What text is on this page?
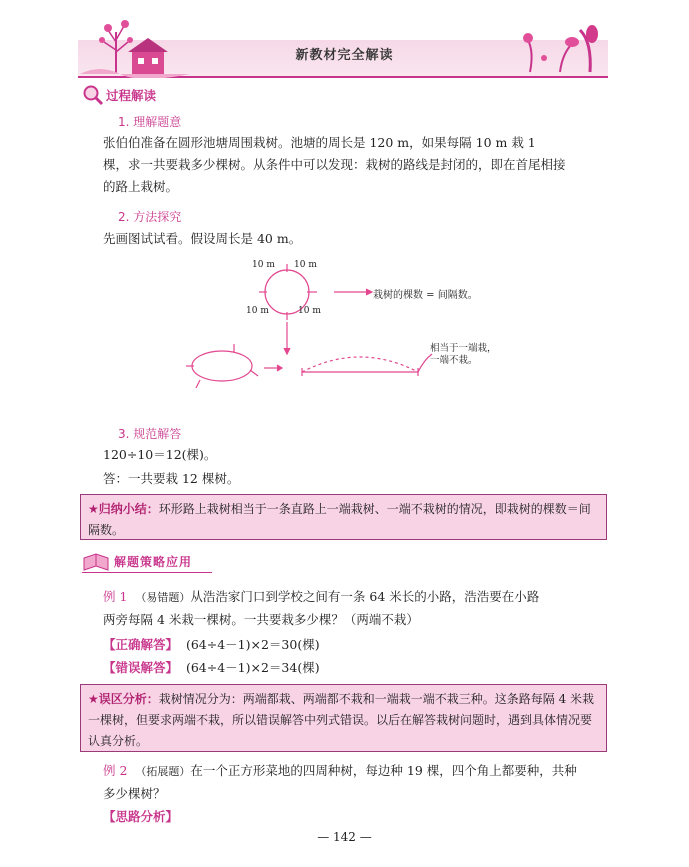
新教材完全解读
过程解读
1. 理解题意
张伯伯准备在圆形池塘周围栽树。池塘的周长是 120 m，如果每隔 10 m 栽 1
棵，求一共要栽多少棵树。从条件中可以发现：栽树的路线是封闭的，即在首尾相接
的路上栽树。
2. 方法探究
先画图试试看。假设周长是 40 m。
10 m 10 m
10 m	10 m
栽树的棵数 = 间隔数。
相当于一端栽，
一端不栽。
3. 规范解答
120÷10＝12(棵)。
答：一共要栽 12 棵树。
★归纳小结：环形路上栽树相当于一条直路上一端栽树、一端不栽树的情况，即栽树的棵数＝间隔数。
解题策略应用
例 1 （易错题）从浩浩家门口到学校之间有一条 64 米长的小路，浩浩要在小路
两旁每隔 4 米栽一棵树。一共要栽多少棵？（两端不栽）
【正确解答】 (64÷4－1)×2＝30(棵)
【错误解答】 (64÷4－1)×2＝34(棵)
★误区分析：栽树情况分为：两端都栽、两端都不栽和一端栽一端不栽三种。这条路每隔 4 米栽一棵树，但要求两端不栽，所以错误解答中列式错误。以后在解答栽树问题时，遇到具体情况要认真分析。
例 2 （拓展题）在一个正方形菜地的四周种树，每边种 19 棵，四个角上都要种，共种
多少棵树？
【思路分析】
— 142 —
